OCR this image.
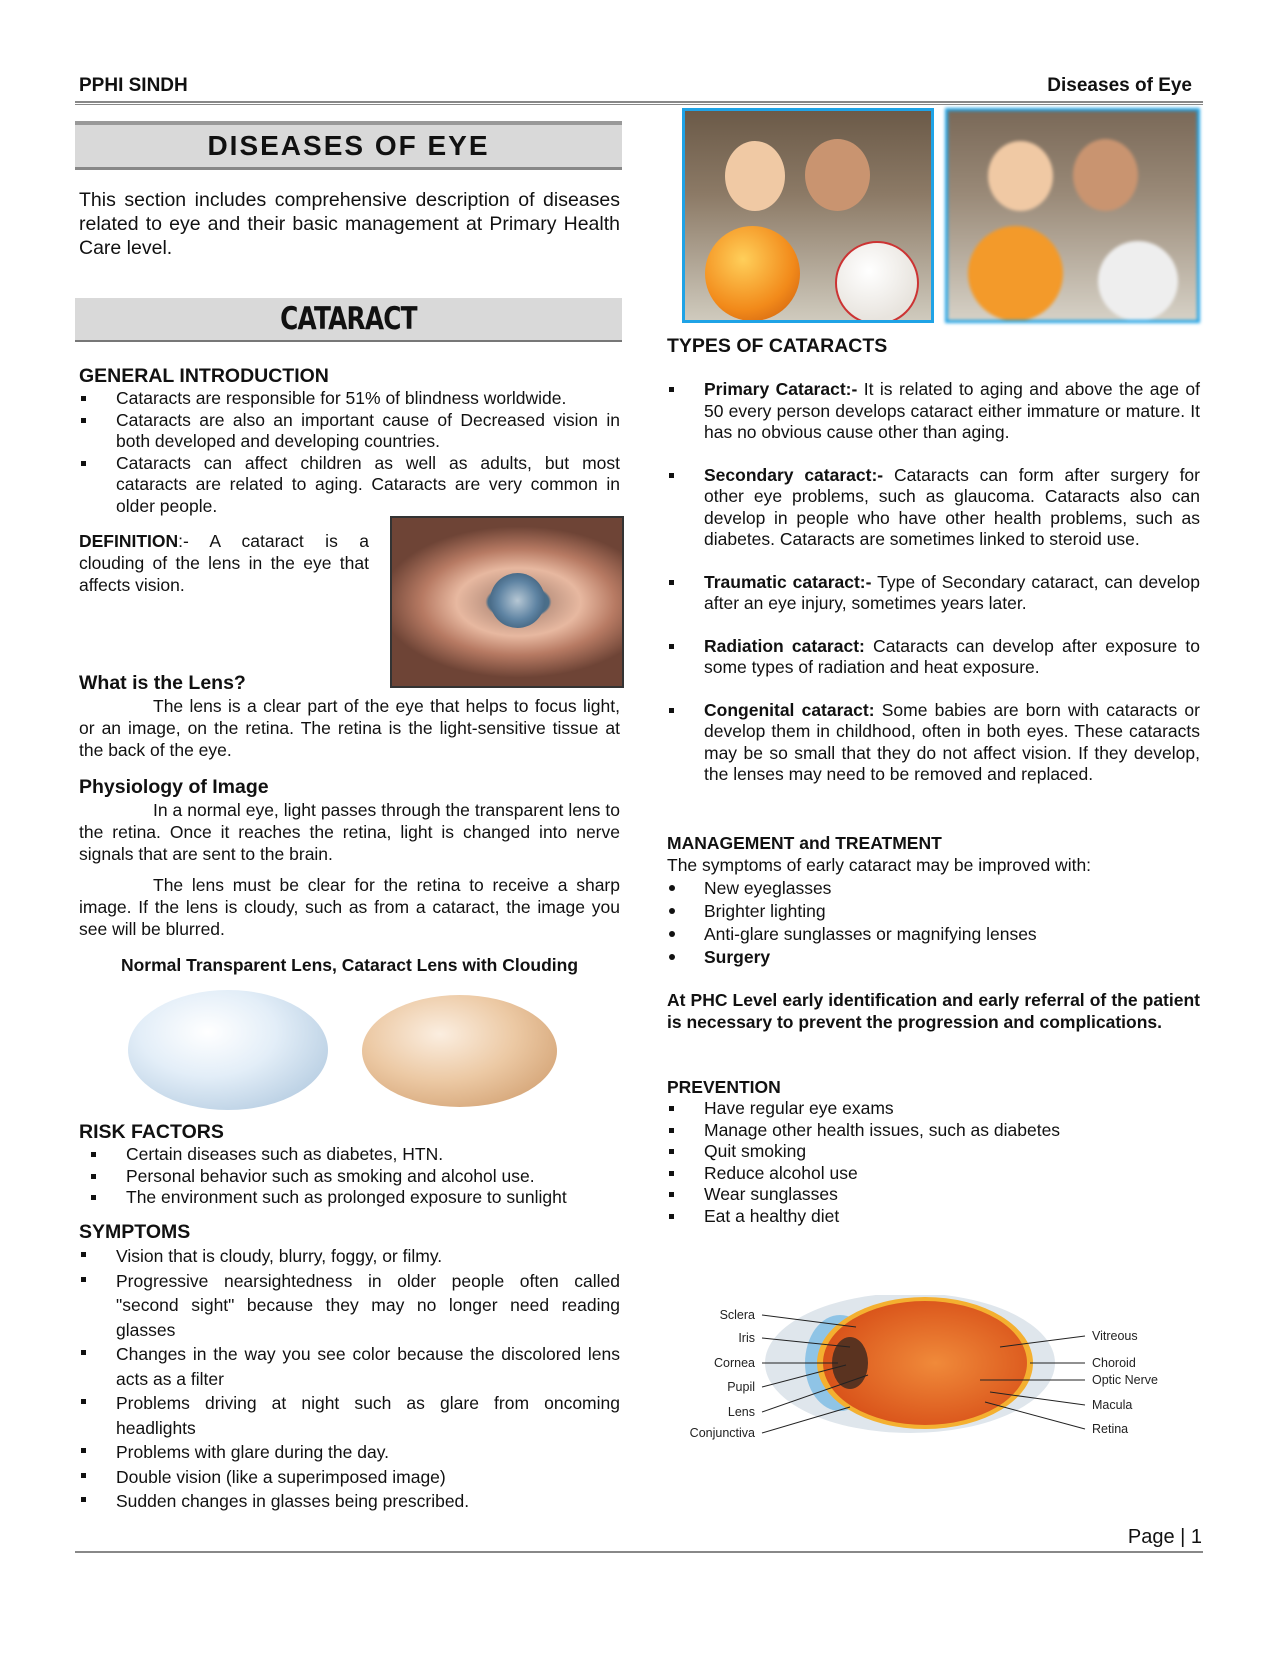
PPHI SINDH	Diseases of Eye
DISEASES OF EYE
This section includes comprehensive description of diseases related to eye and their basic management at Primary Health Care level.
CATARACT
GENERAL INTRODUCTION
Cataracts are responsible for 51% of blindness worldwide.
Cataracts are also an important cause of Decreased vision in both developed and developing countries.
Cataracts can affect children as well as adults, but most cataracts are related to aging. Cataracts are very common in older people.
DEFINITION:- A cataract is a clouding of the lens in the eye that affects vision.
What is the Lens?
The lens is a clear part of the eye that helps to focus light, or an image, on the retina. The retina is the light-sensitive tissue at the back of the eye.
Physiology of Image
In a normal eye, light passes through the transparent lens to the retina. Once it reaches the retina, light is changed into nerve signals that are sent to the brain.
The lens must be clear for the retina to receive a sharp image. If the lens is cloudy, such as from a cataract, the image you see will be blurred.
Normal Transparent Lens, Cataract Lens with Clouding
RISK FACTORS
Certain diseases such as diabetes, HTN.
Personal behavior such as smoking and alcohol use.
The environment such as prolonged exposure to sunlight
SYMPTOMS
Vision that is cloudy, blurry, foggy, or filmy.
Progressive nearsightedness in older people often called "second sight" because they may no longer need reading glasses
Changes in the way you see color because the discolored lens acts as a filter
Problems driving at night such as glare from oncoming headlights
Problems with glare during the day.
Double vision (like a superimposed image)
Sudden changes in glasses being prescribed.
TYPES OF CATARACTS
Primary Cataract:- It is related to aging and above the age of 50 every person develops cataract either immature or mature. It has no obvious cause other than aging.
Secondary cataract:- Cataracts can form after surgery for other eye problems, such as glaucoma. Cataracts also can develop in people who have other health problems, such as diabetes. Cataracts are sometimes linked to steroid use.
Traumatic cataract:- Type of Secondary cataract, can develop after an eye injury, sometimes years later.
Radiation cataract: Cataracts can develop after exposure to some types of radiation and heat exposure.
Congenital cataract: Some babies are born with cataracts or develop them in childhood, often in both eyes. These cataracts may be so small that they do not affect vision. If they develop, the lenses may need to be removed and replaced.
MANAGEMENT and TREATMENT
The symptoms of early cataract may be improved with:
New eyeglasses
Brighter lighting
Anti-glare sunglasses or magnifying lenses
Surgery
At PHC Level early identification and early referral of the patient is necessary to prevent the progression and complications.
PREVENTION
Have regular eye exams
Manage other health issues, such as diabetes
Quit smoking
Reduce alcohol use
Wear sunglasses
Eat a healthy diet
Sclera
Iris
Cornea
Pupil
Lens
Conjunctiva
Vitreous
Choroid
Optic Nerve
Macula
Retina
Page | 1
